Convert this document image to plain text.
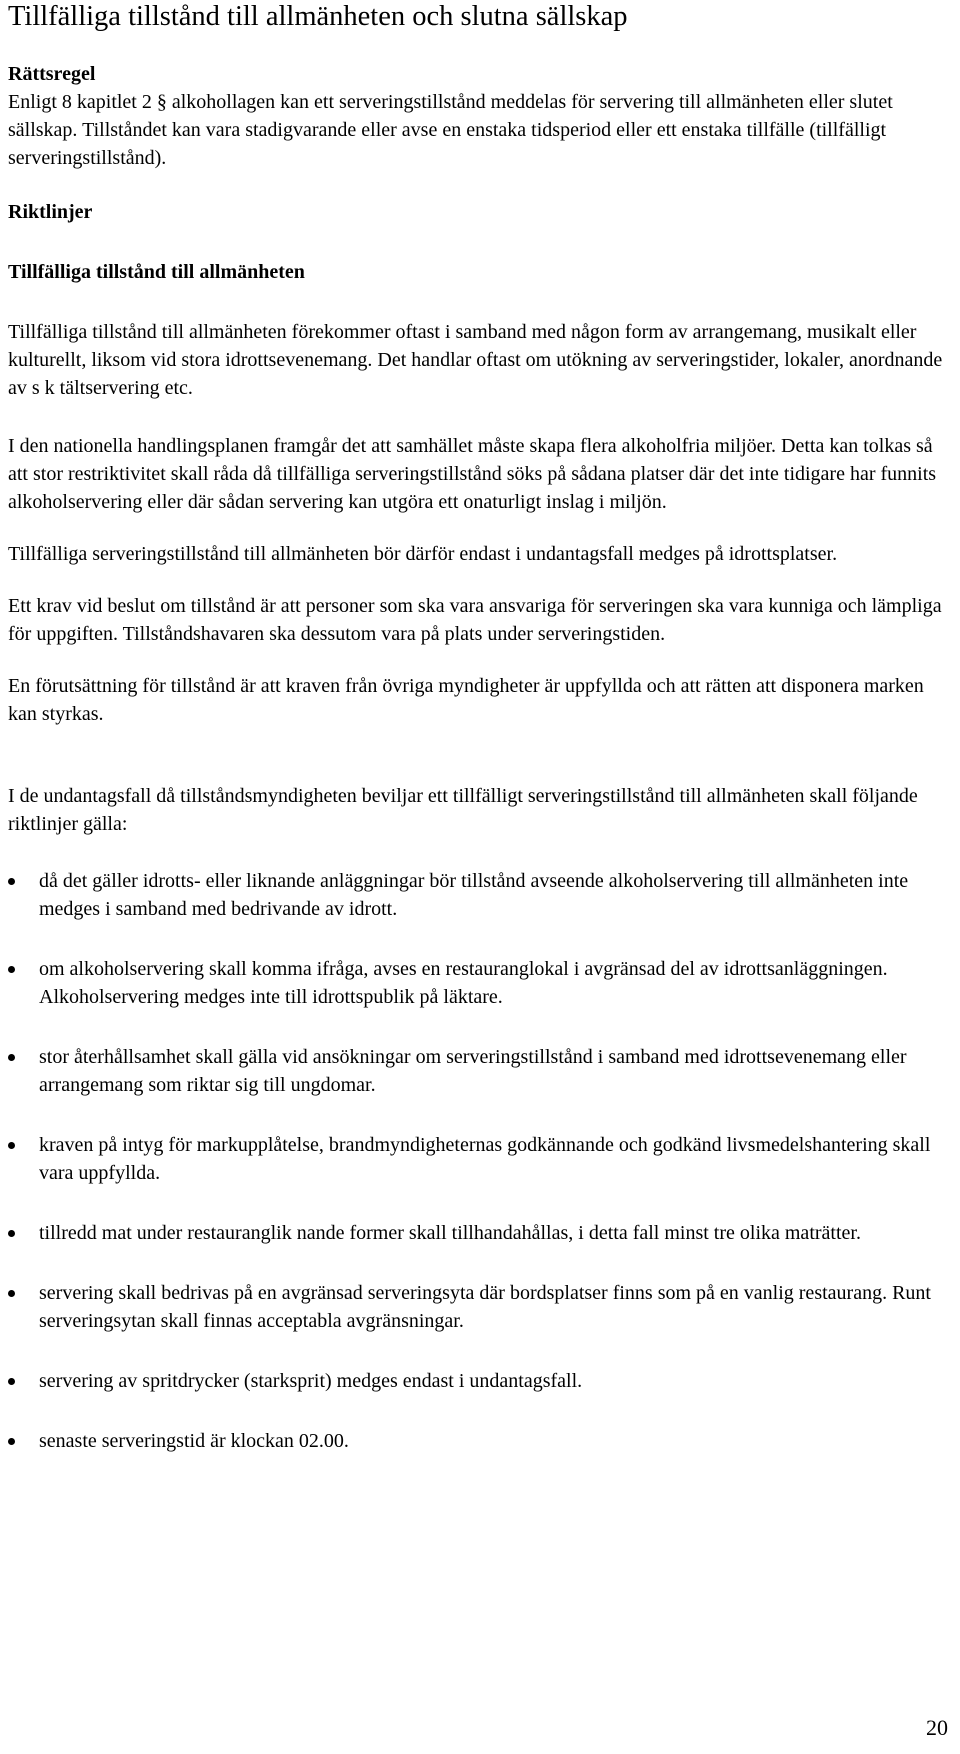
Tillfälliga tillstånd till allmänheten och slutna sällskap

Rättsregel

Enligt 8 kapitlet 2 § alkohollagen kan ett serveringstillstånd meddelas för servering till allmänheten eller slutet sällskap. Tillståndet kan vara stadigvarande eller avse en enstaka tidsperiod eller ett enstaka tillfälle (tillfälligt serveringstillstånd).

Riktlinjer

Tillfälliga tillstånd till allmänheten

Tillfälliga tillstånd till allmänheten förekommer oftast i samband med någon form av arrangemang, musikalt eller kulturellt, liksom vid stora idrottsevenemang. Det handlar oftast om utökning av serveringstider, lokaler, anordnande av s k tältservering etc.

I den nationella handlingsplanen framgår det att samhället måste skapa flera alkoholfria miljöer. Detta kan tolkas så att stor restriktivitet skall råda då tillfälliga serveringstillstånd söks på sådana platser där det inte tidigare har funnits alkoholservering eller där sådan servering kan utgöra ett onaturligt inslag i miljön.

Tillfälliga serveringstillstånd till allmänheten bör därför endast i undantagsfall medges på idrottsplatser.

Ett krav vid beslut om tillstånd är att personer som ska vara ansvariga för serveringen ska vara kunniga och lämpliga för uppgiften. Tillståndshavaren ska dessutom vara på plats under serveringstiden.

En förutsättning för tillstånd är att kraven från övriga myndigheter är uppfyllda och att rätten att disponera marken kan styrkas.

I de undantagsfall då tillståndsmyndigheten beviljar ett tillfälligt serveringstillstånd till allmänheten skall följande riktlinjer gälla:

då det gäller idrotts- eller liknande anläggningar bör tillstånd avseende alkoholservering till allmänheten inte medges i samband med bedrivande av idrott.
om alkoholservering skall komma ifråga, avses en restauranglokal i avgränsad del av idrottsanläggningen. Alkoholservering medges inte till idrottspublik på läktare.
stor återhållsamhet skall gälla vid ansökningar om serveringstillstånd i samband med idrottsevenemang eller arrangemang som riktar sig till ungdomar.
kraven på intyg för markupplåtelse, brandmyndigheternas godkännande och godkänd livsmedelshantering skall vara uppfyllda.
tillredd mat under restauranglik nande former skall tillhandahållas, i detta fall minst tre olika maträtter.
servering skall bedrivas på en avgränsad serveringsyta där bordsplatser finns som på en vanlig restaurang. Runt serveringsytan skall finnas acceptabla avgränsningar.
servering av spritdrycker (starksprit) medges endast i undantagsfall.
senaste serveringstid är klockan 02.00.
20
